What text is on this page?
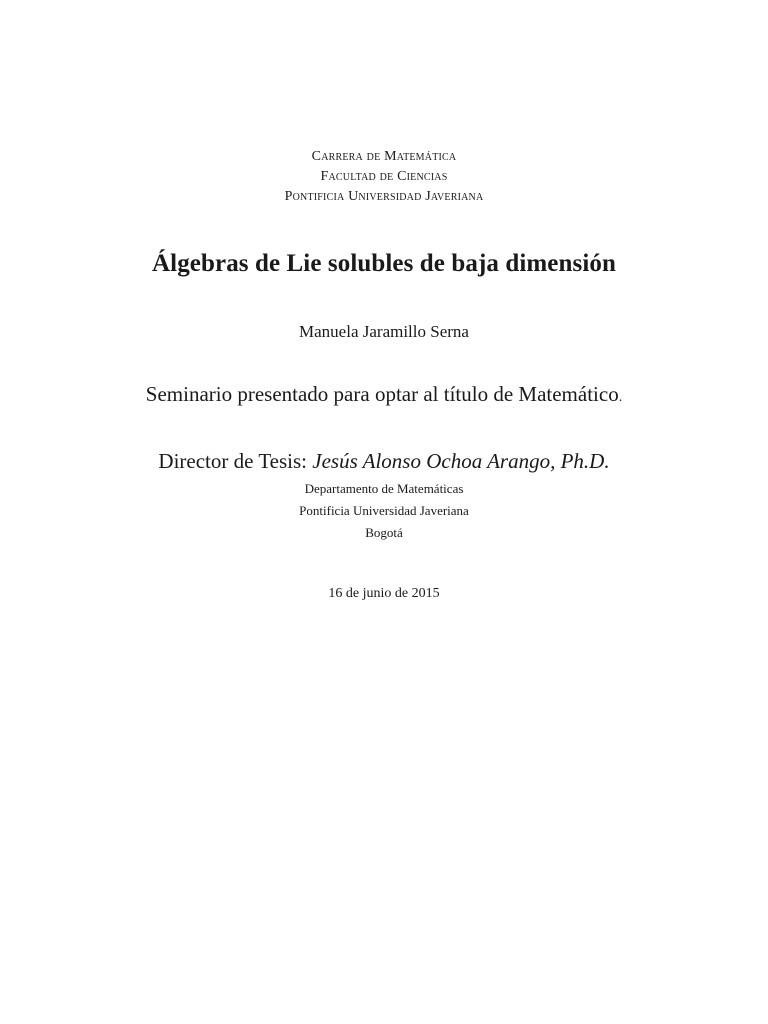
Carrera de Matemática
Facultad de Ciencias
Pontificia Universidad Javeriana
Álgebras de Lie solubles de baja dimensión
Manuela Jaramillo Serna
Seminario presentado para optar al título de Matemático.
Director de Tesis: Jesús Alonso Ochoa Arango, Ph.D.
Departamento de Matemáticas
Pontificia Universidad Javeriana
Bogotá
16 de junio de 2015
